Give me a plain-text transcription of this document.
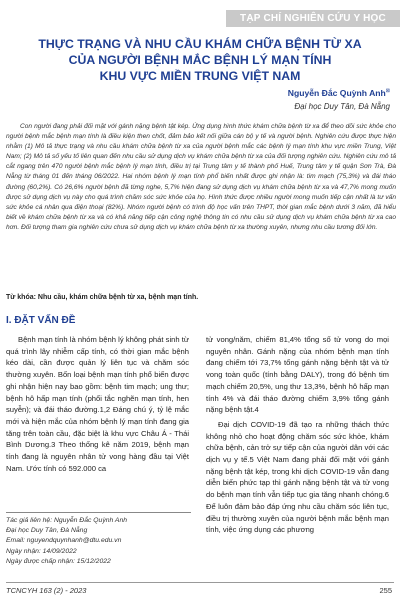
TẠP CHÍ NGHIÊN CỨU Y HỌC
THỰC TRẠNG VÀ NHU CẦU KHÁM CHỮA BỆNH TỪ XA
CỦA NGƯỜI BỆNH MẮC BỆNH LÝ MẠN TÍNH
KHU VỰC MIỀN TRUNG VIỆT NAM
Nguyễn Đắc Quỳnh Anh⊠
Đại học Duy Tân, Đà Nẵng

Con người đang phải đối mặt với gánh nặng bệnh tật kép. Ứng dụng hình thức khám chữa bệnh từ xa để theo dõi sức khỏe cho người bệnh mắc bệnh mạn tính là điều kiện then chốt, đảm bảo kết nối giữa cán bộ y tế và người bệnh. Nghiên cứu được thực hiện nhằm (1) Mô tả thực trạng và nhu cầu khám chữa bệnh từ xa của người bệnh mắc các bệnh lý mạn tính khu vực miền Trung, Việt Nam; (2) Mô tả số yếu tố liên quan đến nhu cầu sử dụng dịch vụ khám chữa bệnh từ xa của đối tượng nghiên cứu. Nghiên cứu mô tả cắt ngang trên 470 người bệnh mắc bệnh lý mạn tính, điều trị tại Trung tâm y tế thành phố Huế, Trung tâm y tế quận Sơn Trà, Đà Nẵng từ tháng 01 đến tháng 06/2022. Hai nhóm bệnh lý mạn tính phổ biến nhất được ghi nhận là: tim mạch (75,3%) và đái tháo đường (60,2%). Có 26,6% người bệnh đã từng nghe, 5,7% hiện đang sử dụng dịch vụ khám chữa bệnh từ xa và 47,7% mong muốn được sử dụng dịch vụ này cho quá trình chăm sóc sức khỏe của họ. Hình thức được nhiều người mong muốn tiếp cận nhất là tư vấn sức khỏe cá nhân qua điện thoại (82%). Nhóm người bệnh có trình độ học vấn trên THPT, thời gian mắc bệnh dưới 3 năm, đã hiểu biết về khám chữa bệnh từ xa và có khả năng tiếp cận công nghệ thông tin có nhu cầu sử dụng dịch vụ khám chữa bệnh từ xa cao hơn. Đối tượng tham gia nghiên cứu chưa sử dụng dịch vụ khám chữa bệnh từ xa thường xuyên, nhưng nhu cầu tương đối lớn.

Từ khóa: Nhu cầu, khám chữa bệnh từ xa, bệnh mạn tính.
I. ĐẶT VẤN ĐỀ

Bệnh mạn tính là nhóm bệnh lý không phát sinh từ quá trình lây nhiễm cấp tính, có thời gian mắc bệnh kéo dài, cần được quản lý liên tục và chăm sóc thường xuyên. Bốn loại bệnh mạn tính phổ biến được ghi nhận hiện nay bao gồm: bệnh tim mạch; ung thư; bệnh hô hấp mạn tính (phổi tắc nghẽn mạn tính, hen suyễn); và đái tháo đường.1,2 Đáng chú ý, tỷ lệ mắc mới và hiện mắc của nhóm bệnh lý mạn tính đang gia tăng trên toàn cầu, đặc biệt là khu vực Châu Á - Thái Bình Dương.3 Theo thống kê năm 2019, bệnh mạn tính đang là nguyên nhân tử vong hàng đầu tại Việt Nam. Ước tính có 592.000 ca

tử vong/năm, chiếm 81,4% tổng số tử vong do mọi nguyên nhân. Gánh nặng của nhóm bệnh mạn tính đang chiếm tới 73,7% tổng gánh nặng bệnh tật và tử vong toàn quốc (tính bằng DALY), trong đó bệnh tim mạch chiếm 20,5%, ung thư 13,3%, bệnh hô hấp mạn tính 4% và đái tháo đường chiếm 3,9% tổng gánh nặng bệnh tật.4

Đại dịch COVID-19 đã tạo ra những thách thức không nhỏ cho hoạt động chăm sóc sức khỏe, khám chữa bệnh, cản trở sự tiếp cận của người dân với các dịch vụ y tế.5 Việt Nam đang phải đối mặt với gánh nặng bệnh tật kép, trong khi dịch COVID-19 vẫn đang diễn biến phức tạp thì gánh nặng bệnh tật và tử vong do bệnh mạn tính vẫn tiếp tục gia tăng nhanh chóng.6 Để luôn đảm bảo đáp ứng nhu cầu chăm sóc liên tục, điều trị thường xuyên của người bệnh mắc bệnh mạn tính, việc ứng dụng các phương

Tác giả liên hệ: Nguyễn Đắc Quỳnh Anh
Đại học Duy Tân, Đà Nẵng
Email: nguyendquynhanh@dtu.edu.vn
Ngày nhận: 14/09/2022
Ngày được chấp nhận: 15/12/2022
TCNCYH 163 (2) - 2023	255
